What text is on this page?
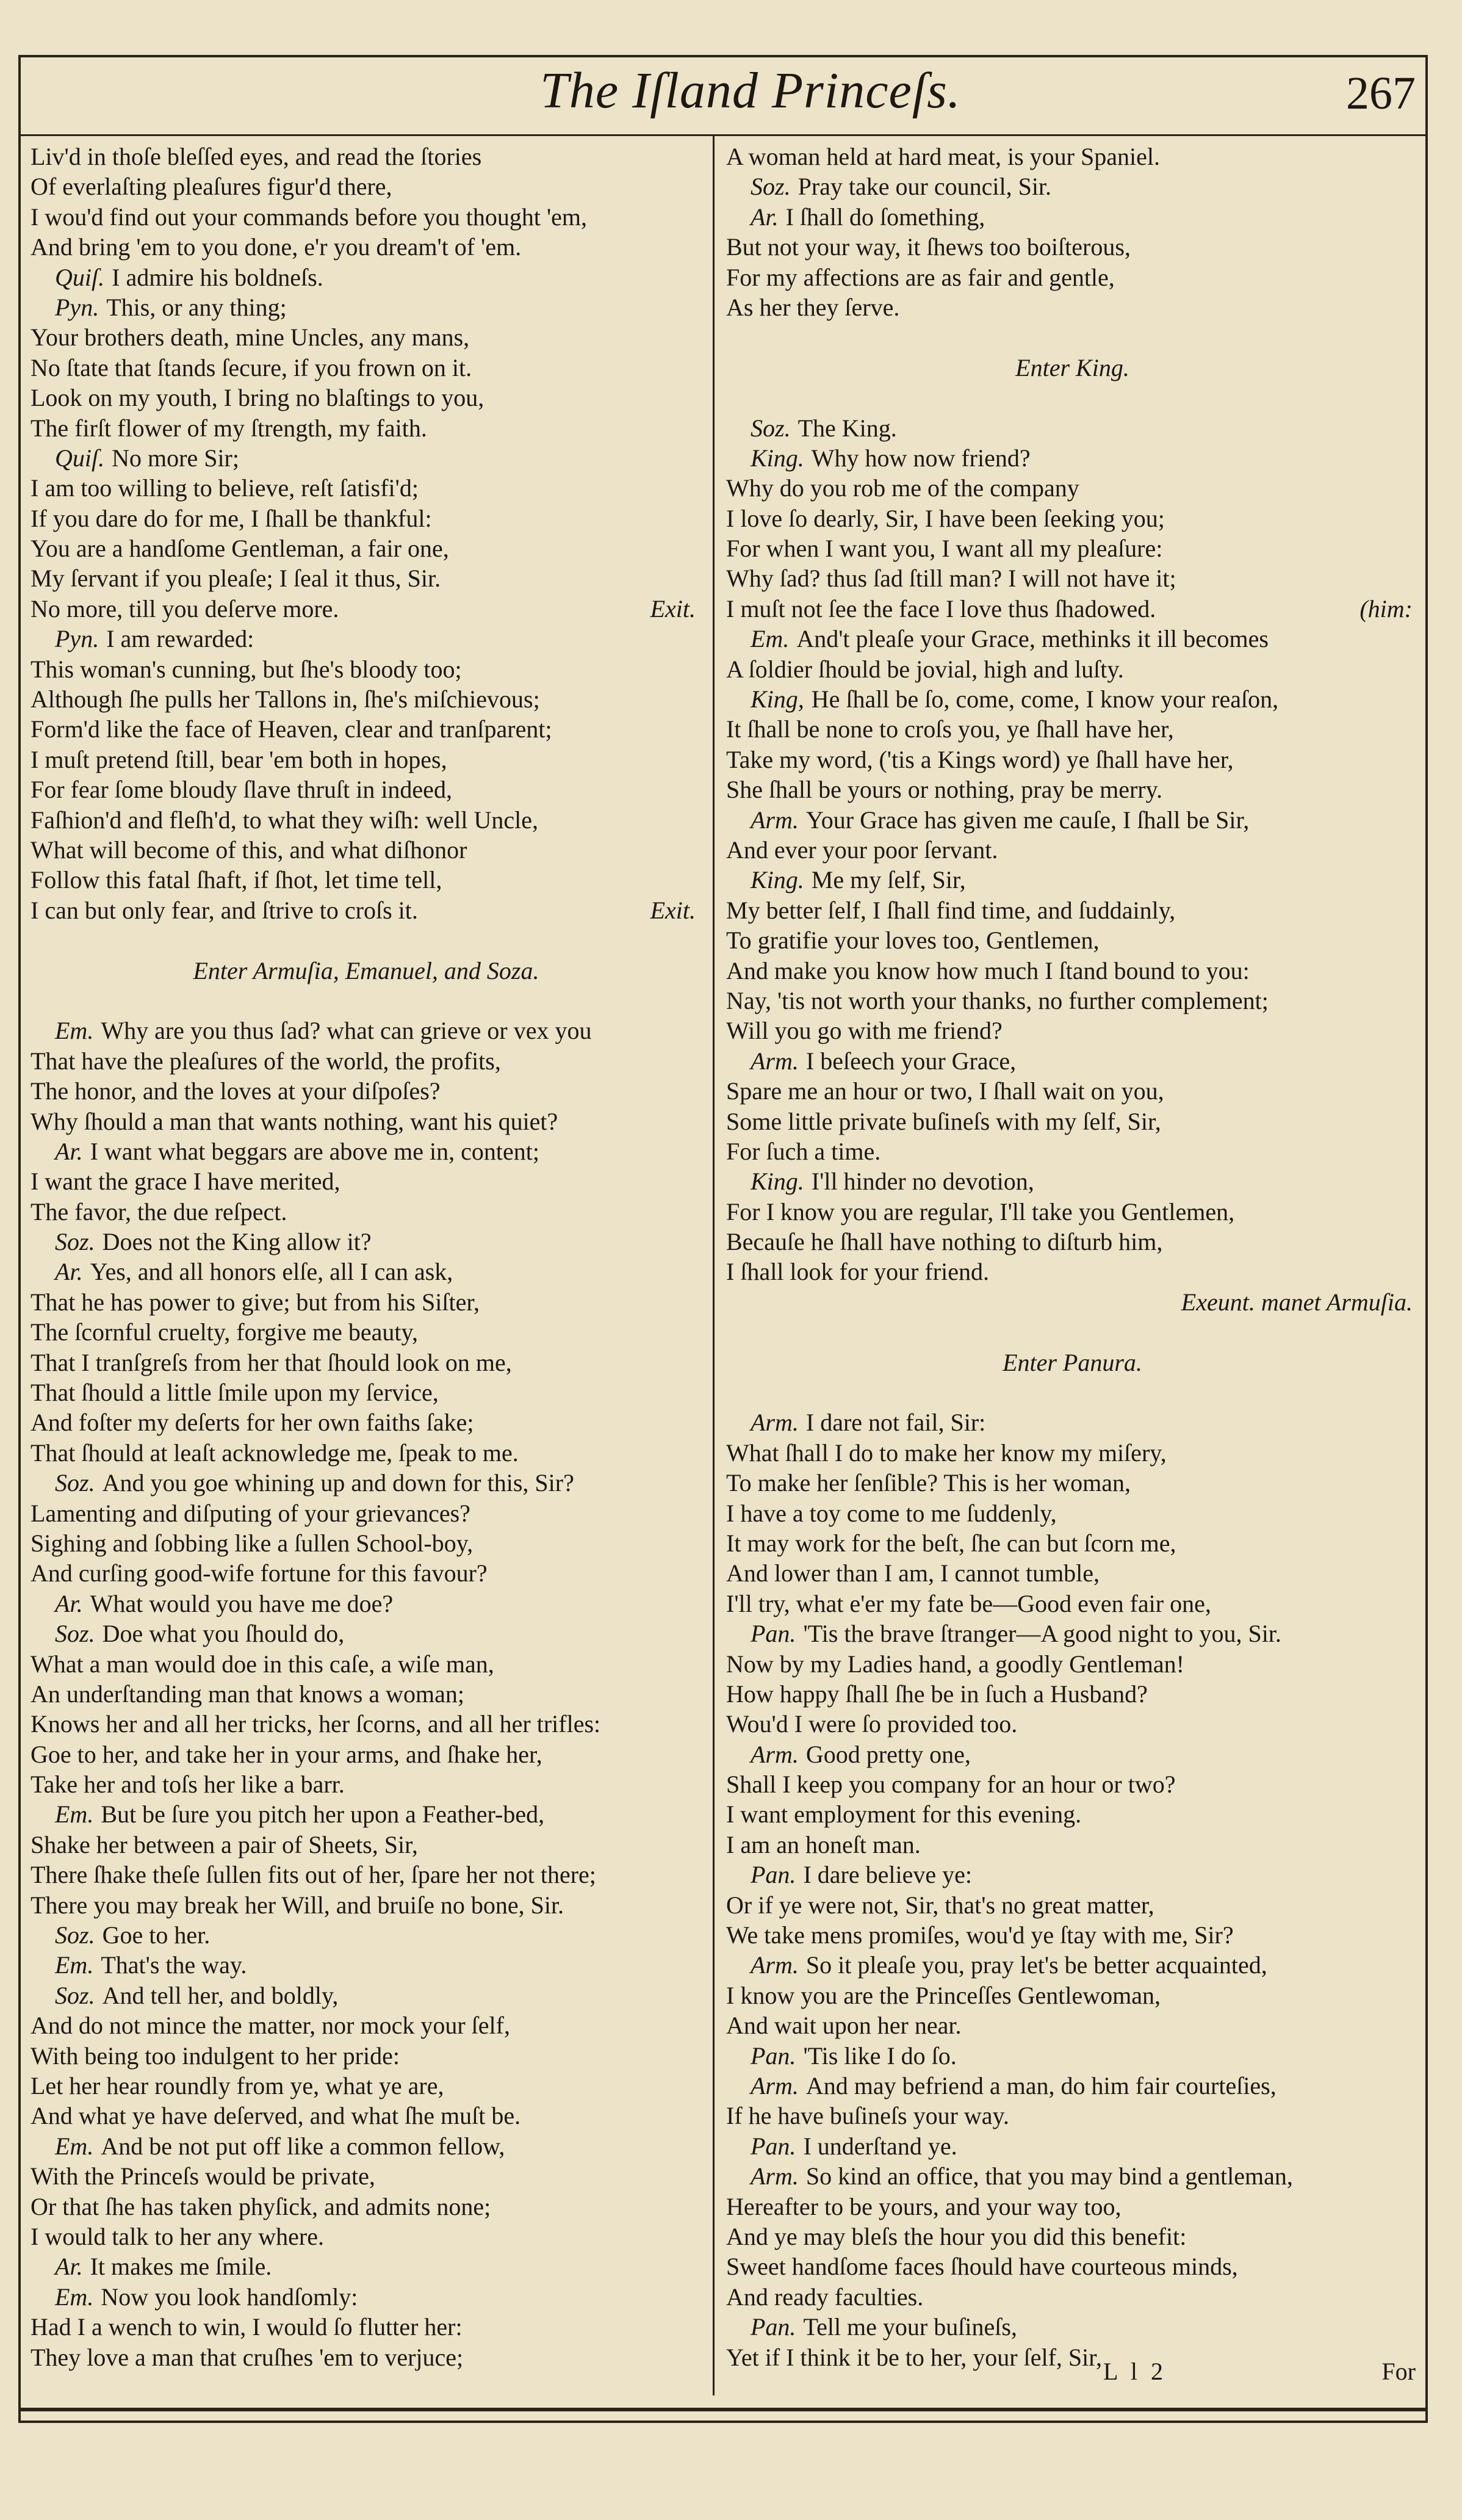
The Iſland Princeſs.	267
Liv'd in thoſe bleſſed eyes, and read the ſtories
Of everlaſting pleaſures figur'd there,
I wou'd find out your commands before you thought 'em,
And bring 'em to you done, e'r you dream't of 'em.
Quiſ. I admire his boldneſs.
Pyn. This, or any thing;
Your brothers death, mine Uncles, any mans,
No ſtate that ſtands ſecure, if you frown on it.
Look on my youth, I bring no blaſtings to you,
The firſt flower of my ſtrength, my faith.
Quiſ. No more Sir;
I am too willing to believe, reſt ſatisfi'd;
If you dare do for me, I ſhall be thankful:
You are a handſome Gentleman, a fair one,
My ſervant if you pleaſe; I ſeal it thus, Sir.
No more, till you deſerve more.	Exit.
Pyn. I am rewarded:
This woman's cunning, but ſhe's bloody too;
Although ſhe pulls her Tallons in, ſhe's miſchievous;
Form'd like the face of Heaven, clear and tranſparent;
I muſt pretend ſtill, bear 'em both in hopes,
For fear ſome bloudy ſlave thruſt in indeed,
Faſhion'd and fleſh'd, to what they wiſh: well Uncle,
What will become of this, and what diſhonor
Follow this fatal ſhaft, if ſhot, let time tell,
I can but only fear, and ſtrive to croſs it.	Exit.
Enter Armuſia, Emanuel, and Soza.
Em. Why are you thus ſad? what can grieve or vex you
That have the pleaſures of the world, the profits,
The honor, and the loves at your diſpoſes?
Why ſhould a man that wants nothing, want his quiet?
Ar. I want what beggars are above me in, content;
I want the grace I have merited,
The favor, the due reſpect.
Soz. Does not the King allow it?
Ar. Yes, and all honors elſe, all I can ask,
That he has power to give; but from his Siſter,
The ſcornful cruelty, forgive me beauty,
That I tranſgreſs from her that ſhould look on me,
That ſhould a little ſmile upon my ſervice,
And foſter my deſerts for her own faiths ſake;
That ſhould at leaſt acknowledge me, ſpeak to me.
Soz. And you goe whining up and down for this, Sir?
Lamenting and diſputing of your grievances?
Sighing and ſobbing like a ſullen School-boy,
And curſing good-wife fortune for this favour?
Ar. What would you have me doe?
Soz. Doe what you ſhould do,
What a man would doe in this caſe, a wiſe man,
An underſtanding man that knows a woman;
Knows her and all her tricks, her ſcorns, and all her trifles:
Goe to her, and take her in your arms, and ſhake her,
Take her and toſs her like a barr.
Em. But be ſure you pitch her upon a Feather-bed,
Shake her between a pair of Sheets, Sir,
There ſhake theſe ſullen fits out of her, ſpare her not there;
There you may break her Will, and bruiſe no bone, Sir.
Soz. Goe to her.
Em. That's the way.
Soz. And tell her, and boldly,
And do not mince the matter, nor mock your ſelf,
With being too indulgent to her pride:
Let her hear roundly from ye, what ye are,
And what ye have deſerved, and what ſhe muſt be.
Em. And be not put off like a common fellow,
With the Princeſs would be private,
Or that ſhe has taken phyſick, and admits none;
I would talk to her any where.
Ar. It makes me ſmile.
Em. Now you look handſomly:
Had I a wench to win, I would ſo flutter her:
They love a man that cruſhes 'em to verjuce;
A woman held at hard meat, is your Spaniel.
Soz. Pray take our council, Sir.
Ar. I ſhall do ſomething,
But not your way, it ſhews too boiſterous,
For my affections are as fair and gentle,
As her they ſerve.
Enter King.
Soz. The King.
King. Why how now friend?
Why do you rob me of the company
I love ſo dearly, Sir, I have been ſeeking you;
For when I want you, I want all my pleaſure:
Why ſad? thus ſad ſtill man? I will not have it;
I muſt not ſee the face I love thus ſhadowed.	(him:
Em. And't pleaſe your Grace, methinks it ill becomes
A ſoldier ſhould be jovial, high and luſty.
King, He ſhall be ſo, come, come, I know your reaſon,
It ſhall be none to croſs you, ye ſhall have her,
Take my word, ('tis a Kings word) ye ſhall have her,
She ſhall be yours or nothing, pray be merry.
Arm. Your Grace has given me cauſe, I ſhall be Sir,
And ever your poor ſervant.
King. Me my ſelf, Sir,
My better ſelf, I ſhall find time, and ſuddainly,
To gratifie your loves too, Gentlemen,
And make you know how much I ſtand bound to you:
Nay, 'tis not worth your thanks, no further complement;
Will you go with me friend?
Arm. I beſeech your Grace,
Spare me an hour or two, I ſhall wait on you,
Some little private buſineſs with my ſelf, Sir,
For ſuch a time.
King. I'll hinder no devotion,
For I know you are regular, I'll take you Gentlemen,
Becauſe he ſhall have nothing to diſturb him,
I ſhall look for your friend.
Exeunt. manet Armuſia.
Enter Panura.
Arm. I dare not fail, Sir:
What ſhall I do to make her know my miſery,
To make her ſenſible? This is her woman,
I have a toy come to me ſuddenly,
It may work for the beſt, ſhe can but ſcorn me,
And lower than I am, I cannot tumble,
I'll try, what e'er my fate be—Good even fair one,
Pan. 'Tis the brave ſtranger—A good night to you, Sir.
Now by my Ladies hand, a goodly Gentleman!
How happy ſhall ſhe be in ſuch a Husband?
Wou'd I were ſo provided too.
Arm. Good pretty one,
Shall I keep you company for an hour or two?
I want employment for this evening.
I am an honeſt man.
Pan. I dare believe ye:
Or if ye were not, Sir, that's no great matter,
We take mens promiſes, wou'd ye ſtay with me, Sir?
Arm. So it pleaſe you, pray let's be better acquainted,
I know you are the Princeſſes Gentlewoman,
And wait upon her near.
Pan. 'Tis like I do ſo.
Arm. And may befriend a man, do him fair courteſies,
If he have buſineſs your way.
Pan. I underſtand ye.
Arm. So kind an office, that you may bind a gentleman,
Hereafter to be yours, and your way too,
And ye may bleſs the hour you did this benefit:
Sweet handſome faces ſhould have courteous minds,
And ready faculties.
Pan. Tell me your buſineſs,
Yet if I think it be to her, your ſelf, Sir,
L l 2	For
